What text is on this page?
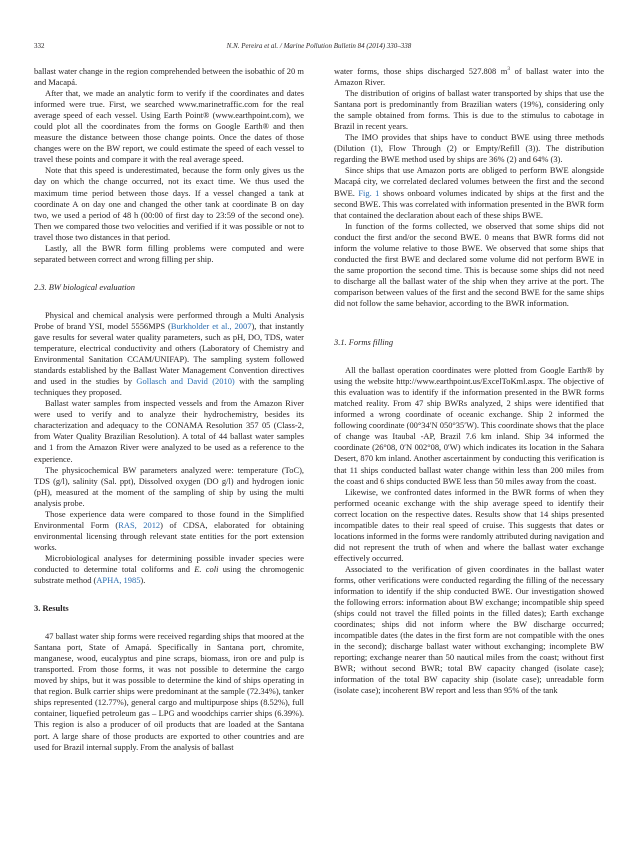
332	N.N. Pereira et al. / Marine Pollution Bulletin 84 (2014) 330–338

ballast water change in the region comprehended between the isobathic of 20 m and Macapá.

After that, we made an analytic form to verify if the coordinates and dates informed were true. First, we searched www.marinetraffic.com for the real average speed of each vessel. Using Earth Point® (www.earthpoint.com), we could plot all the coordinates from the forms on Google Earth® and then measure the distance between those change points. Once the dates of those changes were on the BW report, we could estimate the speed of each vessel to travel these points and compare it with the real average speed.

Note that this speed is underestimated, because the form only gives us the day on which the change occurred, not its exact time. We thus used the maximum time period between those days. If a vessel changed a tank at coordinate A on day one and changed the other tank at coordinate B on day two, we used a period of 48 h (00:00 of first day to 23:59 of the second one). Then we compared those two velocities and verified if it was possible or not to travel those two distances in that period.

Lastly, all the BWR form filling problems were computed and were separated between correct and wrong filling per ship.

2.3. BW biological evaluation

Physical and chemical analysis were performed through a Multi Analysis Probe of brand YSI, model 5556MPS (Burkholder et al., 2007), that instantly gave results for several water quality parameters, such as pH, DO, TDS, water temperature, electrical conductivity and others (Laboratory of Chemistry and Environmental Sanitation CCAM/UNIFAP). The sampling system followed standards established by the Ballast Water Management Convention directives and used in the studies by Gollasch and David (2010) with the sampling techniques they proposed.

Ballast water samples from inspected vessels and from the Amazon River were used to verify and to analyze their hydrochemistry, besides its characterization and adequacy to the CONAMA Resolution 357 05 (Class-2, from Water Quality Brazilian Resolution). A total of 44 ballast water samples and 1 from the Amazon River were analyzed to be used as a reference to the experience.

The physicochemical BW parameters analyzed were: temperature (ToC), TDS (g/l), salinity (Sal. ppt), Dissolved oxygen (DO g/l) and hydrogen ionic (pH), measured at the moment of the sampling of ship by using the multi analysis probe.

Those experience data were compared to those found in the Simplified Environmental Form (RAS, 2012) of CDSA, elaborated for obtaining environmental licensing through relevant state entities for the port extension works.

Microbiological analyses for determining possible invader species were conducted to determine total coliforms and E. coli using the chromogenic substrate method (APHA, 1985).

3. Results

47 ballast water ship forms were received regarding ships that moored at the Santana port, State of Amapá. Specifically in Santana port, chromite, manganese, wood, eucalyptus and pine scraps, biomass, iron ore and pulp is transported. From those forms, it was not possible to determine the cargo moved by ships, but it was possible to determine the kind of ships operating in that region. Bulk carrier ships were predominant at the sample (72.34%), tanker ships represented (12.77%), general cargo and multipurpose ships (8.52%), full container, liquefied petroleum gas – LPG and woodchips carrier ships (6.39%). This region is also a producer of oil products that are loaded at the Santana port. A large share of those products are exported to other countries and are used for Brazil internal supply. From the analysis of ballast

water forms, those ships discharged 527.808 $m^3$ of ballast water into the Amazon River.

The distribution of origins of ballast water transported by ships that use the Santana port is predominantly from Brazilian waters (19%), considering only the sample obtained from forms. This is due to the stimulus to cabotage in Brazil in recent years.

The IMO provides that ships have to conduct BWE using three methods (Dilution (1), Flow Through (2) or Empty/Refill (3)). The distribution regarding the BWE method used by ships are 36% (2) and 64% (3).

Since ships that use Amazon ports are obliged to perform BWE alongside Macapá city, we correlated declared volumes between the first and the second BWE. Fig. 1 shows onboard volumes indicated by ships at the first and the second BWE. This was correlated with information presented in the BWR form that contained the declaration about each of these ships BWE.

In function of the forms collected, we observed that some ships did not conduct the first and/or the second BWE. 0 means that BWR forms did not inform the volume relative to those BWE. We observed that some ships that conducted the first BWE and declared some volume did not perform BWE in the same proportion the second time. This is because some ships did not need to discharge all the ballast water of the ship when they arrive at the port. The comparison between values of the first and the second BWE for the same ships did not follow the same behavior, according to the BWR information.

3.1. Forms filling

All the ballast operation coordinates were plotted from Google Earth® by using the website http://www.earthpoint.us/ExcelToKml.aspx. The objective of this evaluation was to identify if the information presented in the BWR forms matched reality. From 47 ship BWRs analyzed, 2 ships were identified that informed a wrong coordinate of oceanic exchange. Ship 2 informed the following coordinate (00°34′N 050°35′W). This coordinate shows that the place of change was Itaubal -AP, Brazil 7.6 km inland. Ship 34 informed the coordinate (26°08, 0′N 002°08, 0′W) which indicates its location in the Sahara Desert, 870 km inland. Another ascertainment by conducting this verification is that 11 ships conducted ballast water change within less than 200 miles from the coast and 6 ships conducted BWE less than 50 miles away from the coast.

Likewise, we confronted dates informed in the BWR forms of when they performed oceanic exchange with the ship average speed to identify their correct location on the respective dates. Results show that 14 ships presented incompatible dates to their real speed of cruise. This suggests that dates or locations informed in the forms were randomly attributed during navigation and did not represent the truth of when and where the ballast water exchange effectively occurred.

Associated to the verification of given coordinates in the ballast water forms, other verifications were conducted regarding the filling of the necessary information to identify if the ship conducted BWE. Our investigation showed the following errors: information about BW exchange; incompatible ship speed (ships could not travel the filled points in the filled dates); Earth exchange coordinates; ships did not inform where the BW discharge occurred; incompatible dates (the dates in the first form are not compatible with the ones in the second); discharge ballast water without exchanging; incomplete BW reporting; exchange nearer than 50 nautical miles from the coast; without first BWR; without second BWR; total BW capacity changed (isolate case); information of the total BW capacity ship (isolate case); unreadable form (isolate case); incoherent BW report and less than 95% of the tank
